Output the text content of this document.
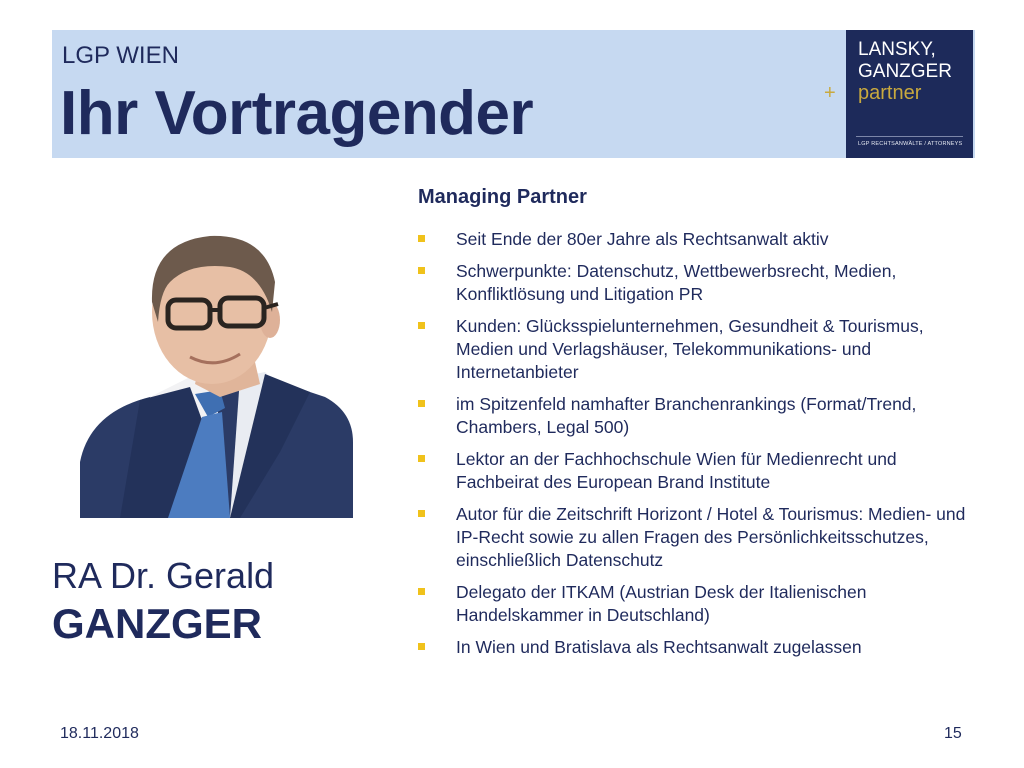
LGP WIEN
Ihr Vortragender	+
LANSKY,
GANZGER
partner
LGP RECHTSANWÄLTE / ATTORNEYS
RA Dr. Gerald
GANZGER
Managing Partner
Seit Ende der 80er Jahre als Rechtsanwalt aktiv
Schwerpunkte: Datenschutz, Wettbewerbsrecht, Medien, Konfliktlösung und Litigation PR
Kunden: Glücksspielunternehmen, Gesundheit & Tourismus, Medien und Verlagshäuser, Telekommunikations- und Internetanbieter
im Spitzenfeld namhafter Branchenrankings (Format/Trend, Chambers, Legal 500)
Lektor an der Fachhochschule Wien für Medienrecht und Fachbeirat des European Brand Institute
Autor für die Zeitschrift Horizont / Hotel & Tourismus: Medien- und IP-Recht sowie zu allen Fragen des Persönlichkeitsschutzes, einschließlich Datenschutz
Delegato der ITKAM (Austrian Desk der Italienischen Handelskammer in Deutschland)
In Wien und Bratislava als Rechtsanwalt zugelassen
18.11.2018	15
